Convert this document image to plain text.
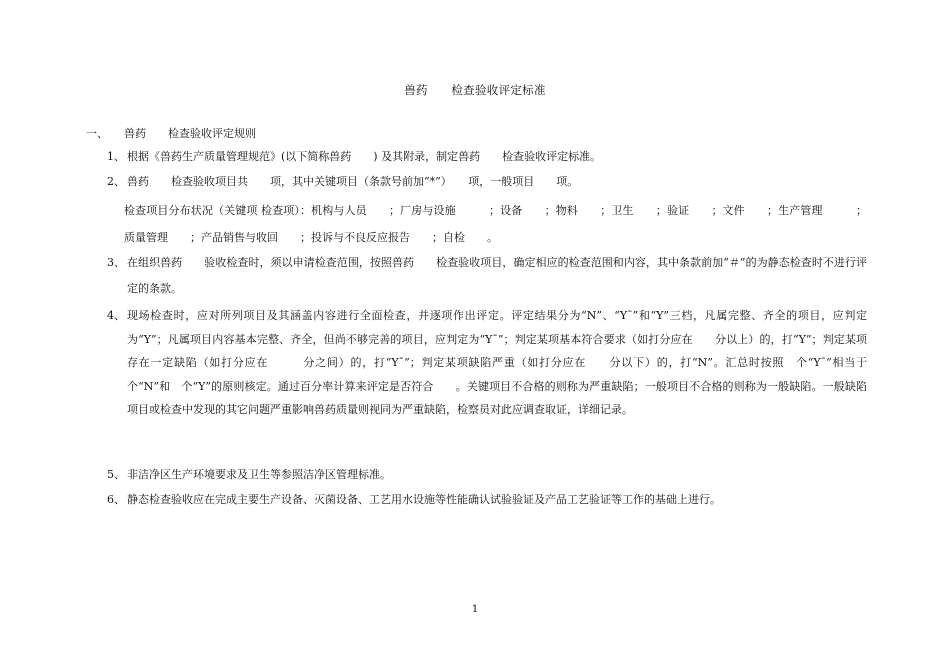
兽药　　检查验收评定标准
一、 兽药　　检查验收评定规则
1、 根据《兽药生产质量管理规范》(以下简称兽药　　) 及其附录，制定兽药　　检查验收评定标准。
2、 兽药　　检查验收项目共　　项，其中关键项目（条款号前加“*”）　　项，一般项目　　项。
检查项目分布状况（关键项 检查项）：机构与人员　　；厂房与设施　　　；设备　　；物料　　；卫生　　；验证　　；文件　　；生产管理　　　；质量管理　　；产品销售与收回　　；投诉与不良反应报告　　；自检　　。
3、 在组织兽药　　验收检查时，须以申请检查范围，按照兽药　　检查验收项目，确定相应的检查范围和内容，其中条款前加“＃”的为静态检查时不进行评定的条款。
4、 现场检查时，应对所列项目及其涵盖内容进行全面检查，并逐项作出评定。评定结果分为“N”、“Y¯”和“Y”三档，凡属完整、齐全的项目，应判定为“Y”；凡属项目内容基本完整、齐全，但尚不够完善的项目，应判定为“Y¯”；判定某项基本符合要求（如打分应在　　分以上）的，打“Y”；判定某项存在一定缺陷（如打分应在　　　分之间）的，打“Y¯”；判定某项缺陷严重（如打分应在　　分以下）的，打“N”。汇总时按照　个“Y¯”相当于　个“N”和　个“Y”的原则核定。通过百分率计算来评定是否符合　　。关键项目不合格的则称为严重缺陷；一般项目不合格的则称为一般缺陷。一般缺陷项目或检查中发现的其它问题严重影响兽药质量则视同为严重缺陷，检察员对此应调查取证，详细记录。
5、 非洁净区生产环境要求及卫生等参照洁净区管理标准。
6、 静态检查验收应在完成主要生产设备、灭菌设备、工艺用水设施等性能确认试验验证及产品工艺验证等工作的基础上进行。
1
